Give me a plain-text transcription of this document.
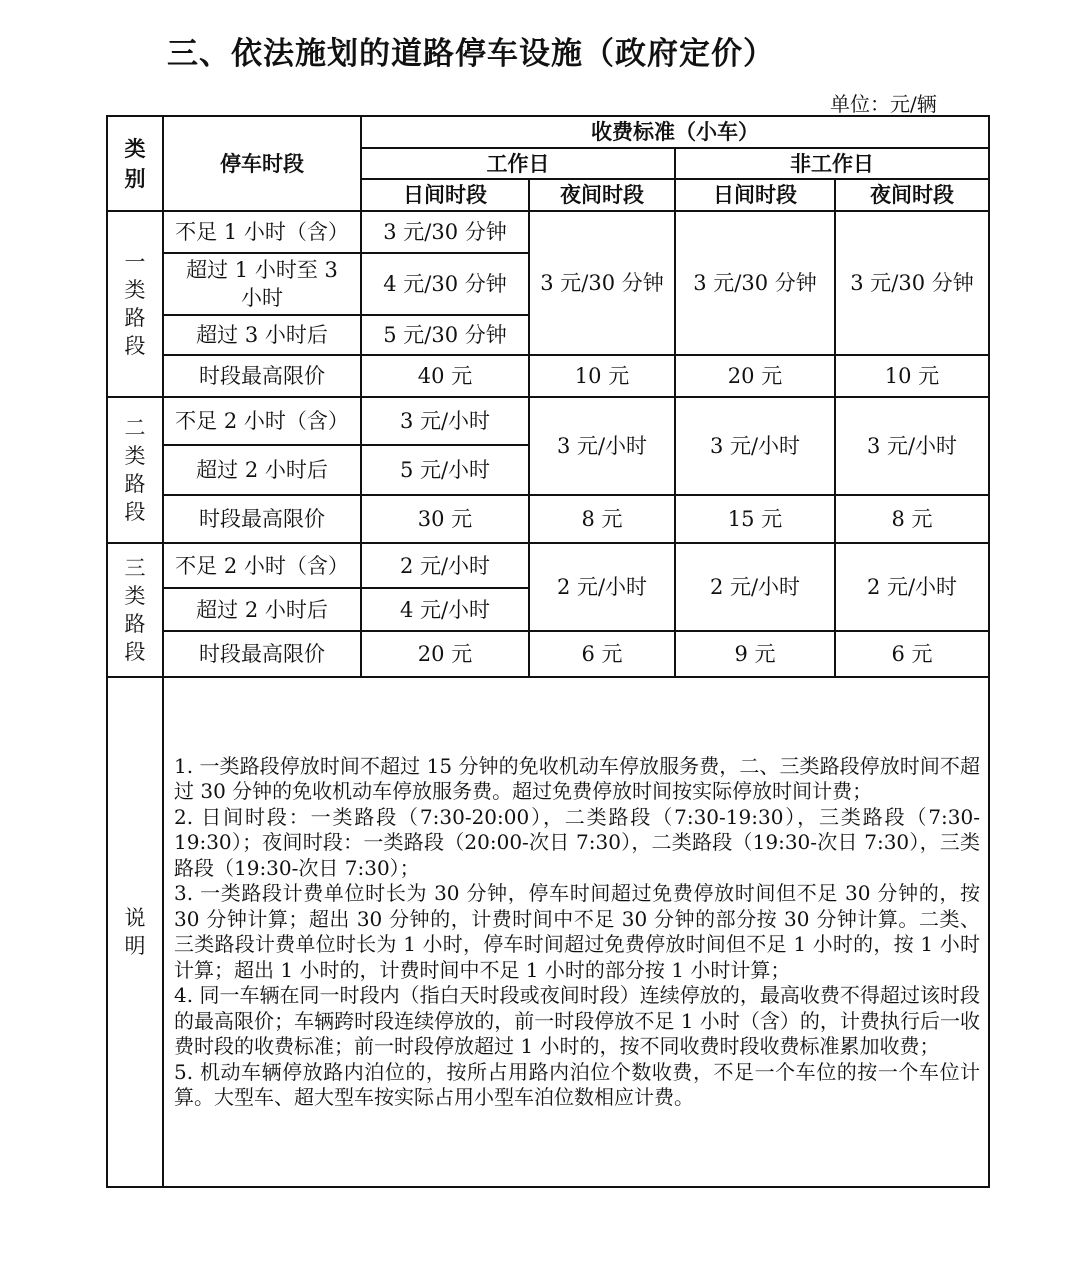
三、依法施划的道路停车设施（政府定价）
单位：元/辆
类别	停车时段	收费标准（小车）			
		工作日		非工作日	
		日间时段	夜间时段	日间时段	夜间时段

一类路段	不足 1 小时（含）	3 元/30 分钟	3 元/30 分钟	3 元/30 分钟	3 元/30 分钟

	超过 1 小时至 3 小时	4 元/30 分钟			
	超过 3 小时后	5 元/30 分钟			
	时段最高限价	40 元	10 元	20 元	10 元

二类路段	不足 2 小时（含）	3 元/小时	3 元/小时	3 元/小时	3 元/小时
	超过 2 小时后	5 元/小时			
	时段最高限价	30 元	8 元	15 元	8 元

三类路段	不足 2 小时（含）	2 元/小时	2 元/小时	2 元/小时	2 元/小时
	超过 2 小时后	4 元/小时			
	时段最高限价	20 元	6 元	9 元	6 元

说明	1. 一类路段停放时间不超过 15 分钟的免收机动车停放服务费，二、三类路段停放时间不超过 30 分钟的免收机动车停放服务费。超过免费停放时间按实际停放时间计费；

2. 日间时段：一类路段（7:30-20:00），二类路段（7:30-19:30），三类路段（7:30-19:30）；夜间时段：一类路段（20:00-次日 7:30），二类路段（19:30-次日 7:30），三类路段（19:30-次日 7:30）；

3. 一类路段计费单位时长为 30 分钟，停车时间超过免费停放时间但不足 30 分钟的，按 30 分钟计算；超出 30 分钟的，计费时间中不足 30 分钟的部分按 30 分钟计算。二类、三类路段计费单位时长为 1 小时，停车时间超过免费停放时间但不足 1 小时的，按 1 小时计算；超出 1 小时的，计费时间中不足 1 小时的部分按 1 小时计算；

4. 同一车辆在同一时段内（指白天时段或夜间时段）连续停放的，最高收费不得超过该时段的最高限价；车辆跨时段连续停放的，前一时段停放不足 1 小时（含）的，计费执行后一收费时段的收费标准；前一时段停放超过 1 小时的，按不同收费时段收费标准累加收费；

5. 机动车辆停放路内泊位的，按所占用路内泊位个数收费，不足一个车位的按一个车位计算。大型车、超大型车按实际占用小型车泊位数相应计费。				
